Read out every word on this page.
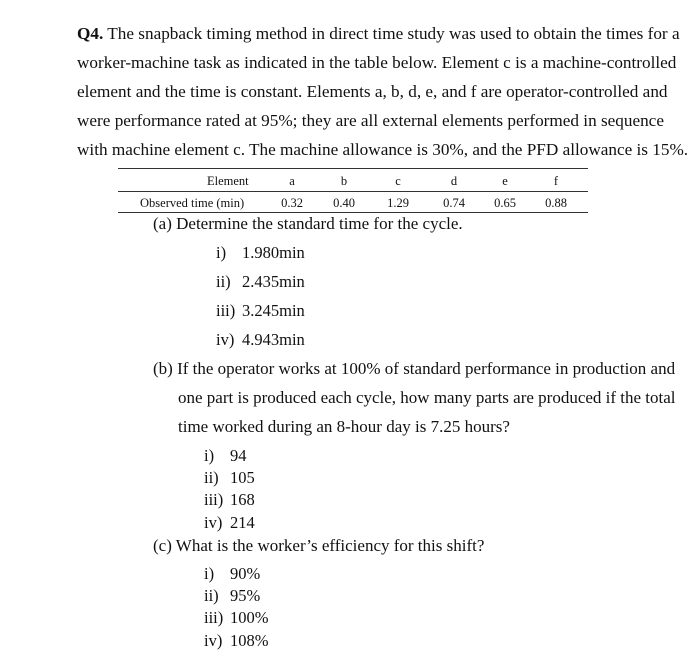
Q4. The snapback timing method in direct time study was used to obtain the times for a
worker-machine task as indicated in the table below. Element c is a machine-controlled
element and the time is constant. Elements a, b, d, e, and f are operator-controlled and
were performance rated at 95%; they are all external elements performed in sequence
with machine element c. The machine allowance is 30%, and the PFD allowance is 15%.
Element	a	b	c	d	e	f
Observed time (min)	0.32 0.40	1.29	0.74 0.65 0.88
(a) Determine the standard time for the cycle.
i) 1.980min
ii) 2.435min
iii) 3.245min
iv) 4.943min
(b) If the operator works at 100% of standard performance in production and
one part is produced each cycle, how many parts are produced if the total
time worked during an 8-hour day is 7.25 hours?
i) 94
ii) 105
iii) 168
iv) 214
(c) What is the worker’s efficiency for this shift?
i) 90%
ii) 95%
iii) 100%
iv) 108%
